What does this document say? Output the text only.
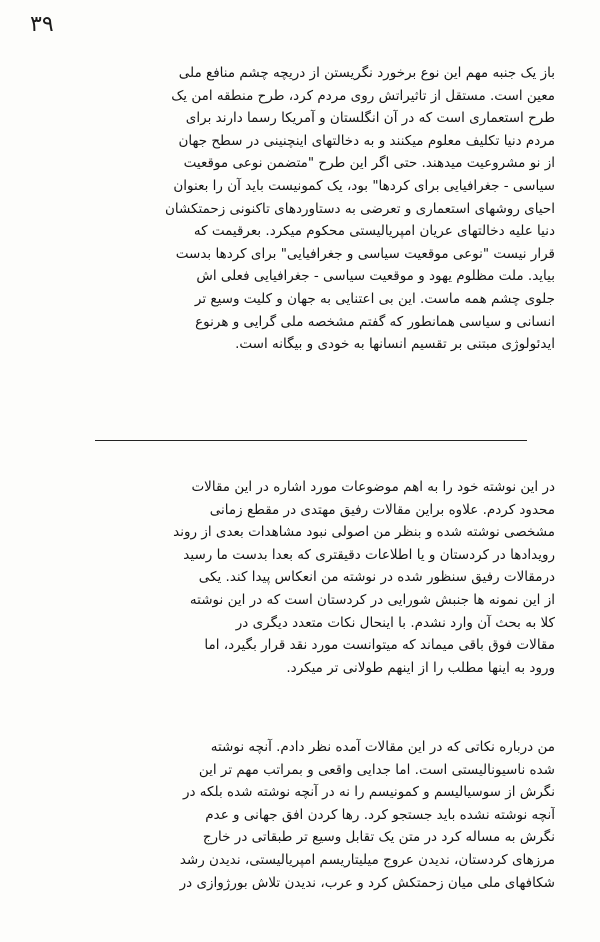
۳۹
باز یک جنبه مهم این نوع برخورد نگریستن از دریچه چشم منافع ملی
معین است. مستقل از تاثیراتش روی مردم کرد، طرح منطقه امن یک
طرح استعماری است که در آن انگلستان و آمریکا رسما دارند برای
مردم دنیا تکلیف معلوم میکنند و به دخالتهای اینچنینی در سطح جهان
از نو مشروعیت میدهند. حتی اگر این طرح "متضمن نوعی موقعیت
سیاسی - جغرافیایی برای کردها" بود، یک کمونیست باید آن را بعنوان
احیای روشهای استعماری و تعرضی به دستاوردهای تاکنونی زحمتکشان
دنیا علیه دخالتهای عریان امپریالیستی محکوم میکرد. بعرقیمت که
قرار نیست "نوعی موقعیت سیاسی و جغرافیایی" برای کردها بدست
بیاید. ملت مظلوم یهود و موقعیت سیاسی - جغرافیایی فعلی اش
جلوی چشم همه ماست. این بی اعتنایی به جهان و کلیت وسیع تر
انسانی و سیاسی همانطور که گفتم مشخصه ملی گرایی و هرنوع
ایدئولوژی مبتنی بر تقسیم انسانها به خودی و بیگانه است.
در این نوشته خود را به اهم موضوعات مورد اشاره در این مقالات
محدود کردم. علاوه براین مقالات رفیق مهتدی در مقطع زمانی
مشخصی نوشته شده و بنظر من اصولی نبود مشاهدات بعدی از روند
رویدادها در کردستان و یا اطلاعات دقیقتری که بعدا بدست ما رسید
درمقالات رفیق سنظور شده در نوشته من انعکاس پیدا کند. یکی
از این نمونه ها جنبش شورایی در کردستان است که در این نوشته
کلا به بحث آن وارد نشدم. با اینحال نکات متعدد دیگری در
مقالات فوق باقی میماند که میتوانست مورد نقد قرار بگیرد، اما
ورود به اینها مطلب را از اینهم طولانی تر میکرد.
من درباره نکاتی که در این مقالات آمده نظر دادم. آنچه نوشته
شده ناسیونالیستی است. اما جدایی واقعی و بمراتب مهم تر این
نگرش از سوسیالیسم و کمونیسم را نه در آنچه نوشته شده بلکه در
آنچه نوشته نشده باید جستجو کرد. رها کردن افق جهانی و عدم
نگرش به مساله کرد در متن یک تقابل وسیع تر طبقاتی در خارج
مرزهای کردستان، ندیدن عروج میلیتاریسم امپریالیستی، ندیدن رشد
شکافهای ملی میان زحمتکش کرد و عرب، ندیدن تلاش بورژوازی در
